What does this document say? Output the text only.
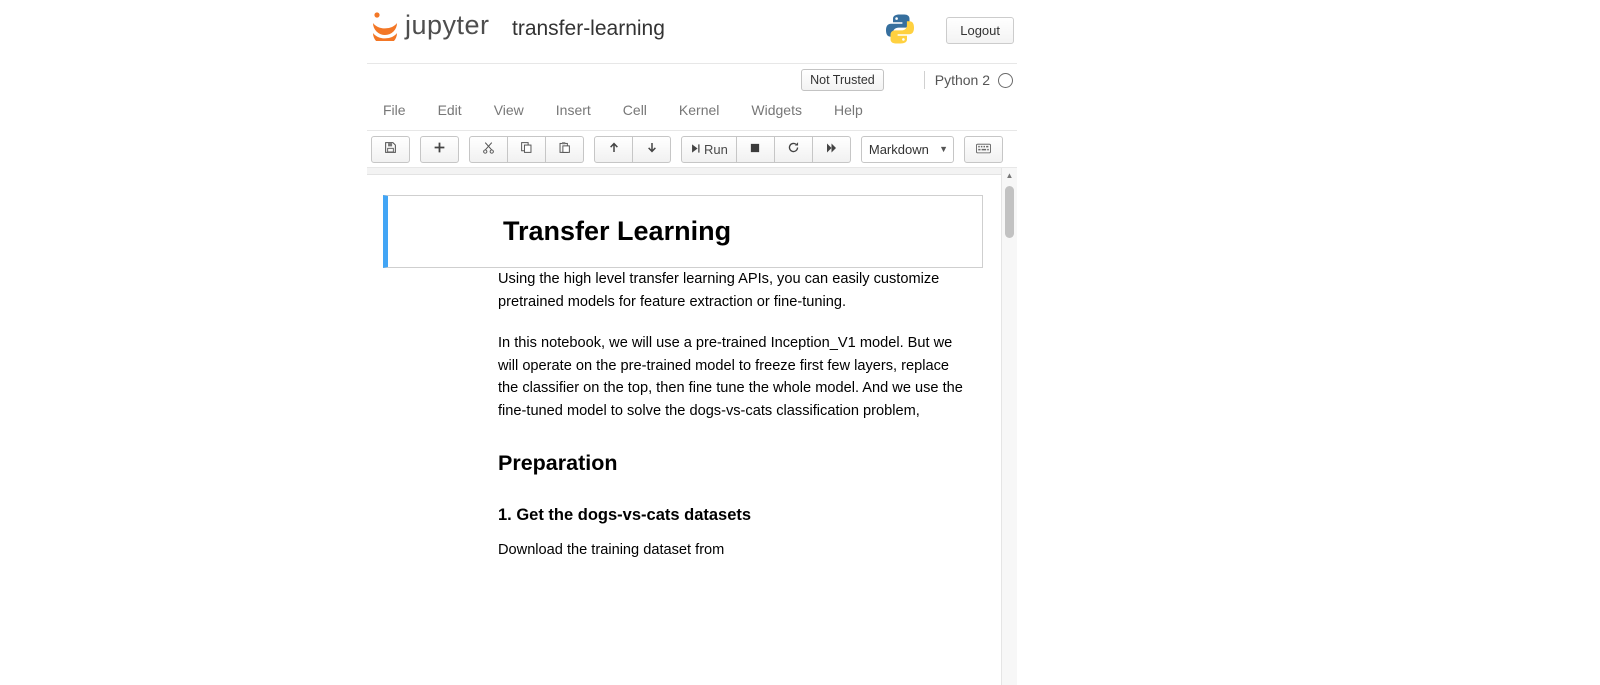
jupyter transfer-learning	Logout
Not Trusted	Python 2
File	Edit	View	Insert	Cell	Kernel	Widgets	Help
Run	Markdown ▼
▲
Transfer Learning

Using the high level transfer learning APIs, you can easily customize pretrained models for feature extraction or fine-tuning.

In this notebook, we will use a pre-trained Inception_V1 model. But we will operate on the pre-trained model to freeze first few layers, replace the classifier on the top, then fine tune the whole model. And we use the fine-tuned model to solve the dogs-vs-cats classification problem,

Preparation
1. Get the dogs-vs-cats datasets

Download the training dataset from
